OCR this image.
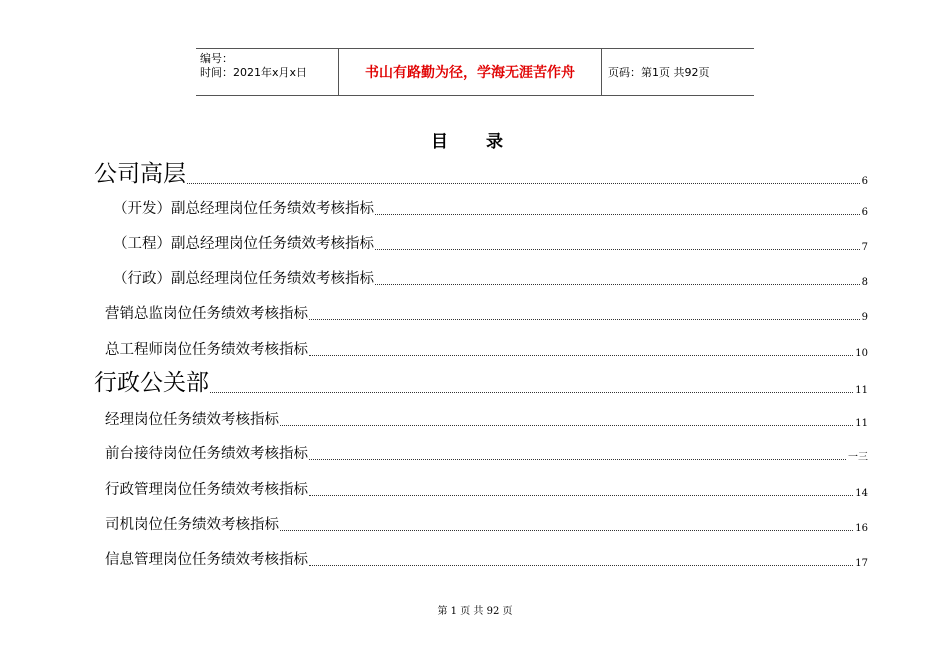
编号：
时间：2021年x月x日	书山有路勤为径，学海无涯苦作舟	页码：第1页 共92页
目 录
公司高层	6
（开发）副总经理岗位任务绩效考核指标	6
（工程）副总经理岗位任务绩效考核指标	7
（行政）副总经理岗位任务绩效考核指标	8
营销总监岗位任务绩效考核指标	9
总工程师岗位任务绩效考核指标	10
行政公关部	11
经理岗位任务绩效考核指标	11
前台接待岗位任务绩效考核指标	一三
行政管理岗位任务绩效考核指标	14
司机岗位任务绩效考核指标	16
信息管理岗位任务绩效考核指标	17
第 1 页 共 92 页
